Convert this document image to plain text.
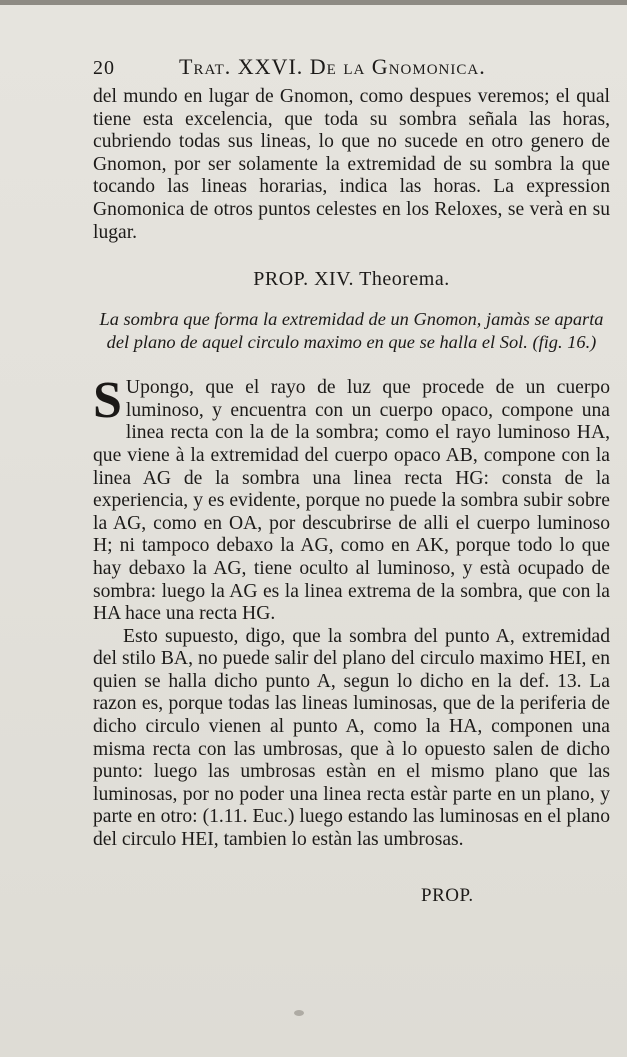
20	Trat. XXVI. De la Gnomonica.

del mundo en lugar de Gnomon, como despues veremos; el qual tiene esta excelencia, que toda su sombra señala las horas, cubriendo todas sus lineas, lo que no sucede en otro genero de Gnomon, por ser solamente la extremidad de su sombra la que tocando las lineas horarias, indica las horas. La expression Gnomonica de otros puntos celestes en los Reloxes, se verà en su lugar.

PROP. XIV. Theorema.

La sombra que forma la extremidad de un Gnomon, jamàs se aparta del plano de aquel circulo maximo en que se halla el Sol. (fig. 16.)

S Upongo, que el rayo de luz que procede de un cuerpo luminoso, y encuentra con un cuerpo opaco, compone una linea recta con la de la sombra; como el rayo luminoso HA, que viene à la extremidad del cuerpo opaco AB, compone con la linea AG de la sombra una linea recta HG: consta de la experiencia, y es evidente, porque no puede la sombra subir sobre la AG, como en OA, por descubrirse de alli el cuerpo luminoso H; ni tampoco debaxo la AG, como en AK, porque todo lo que hay debaxo la AG, tiene oculto al luminoso, y està ocupado de sombra: luego la AG es la linea extrema de la sombra, que con la HA hace una recta HG.

Esto supuesto, digo, que la sombra del punto A, extremidad del stilo BA, no puede salir del plano del circulo maximo HEI, en quien se halla dicho punto A, segun lo dicho en la def. 13. La razon es, porque todas las lineas luminosas, que de la periferia de dicho circulo vienen al punto A, como la HA, componen una misma recta con las umbrosas, que à lo opuesto salen de dicho punto: luego las umbrosas estàn en el mismo plano que las luminosas, por no poder una linea recta estàr parte en un plano, y parte en otro: (1.11. Euc.) luego estando las luminosas en el plano del circulo HEI, tambien lo estàn las umbrosas.

PROP.
